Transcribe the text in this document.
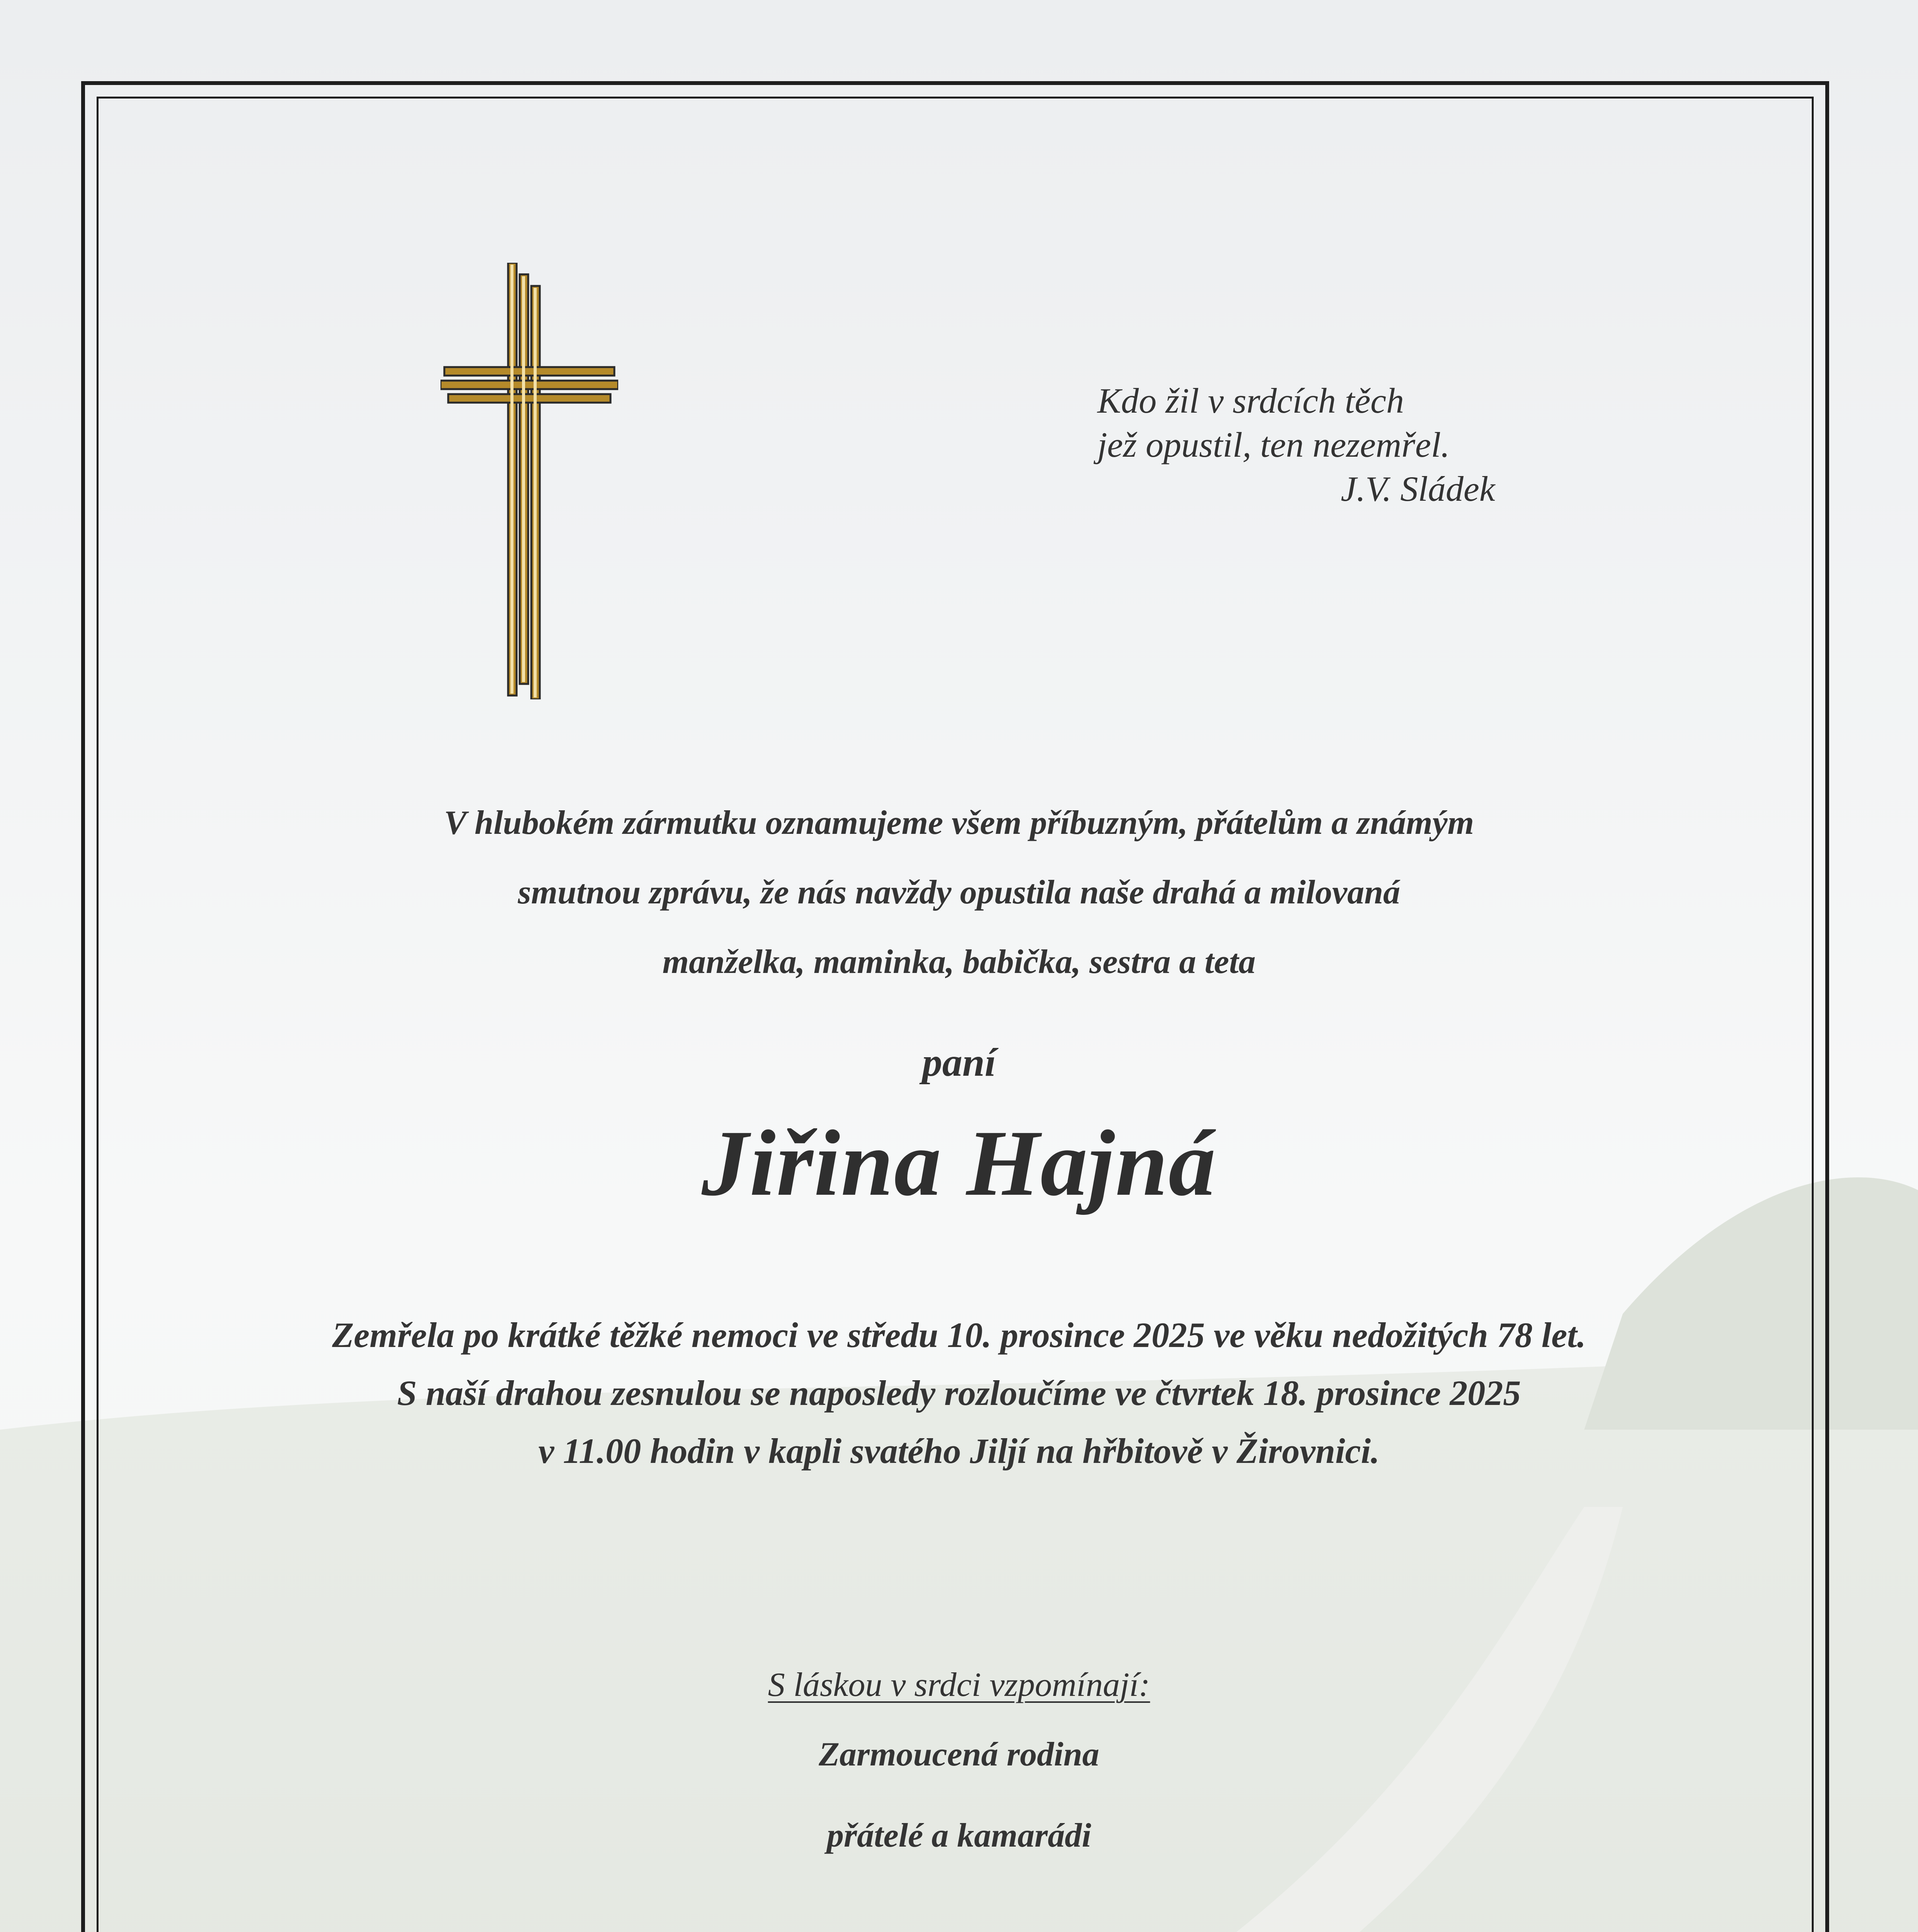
Kdo žil v srdcích těch
jež opustil, ten nezemřel.
J.V. Sládek
V hlubokém zármutku oznamujeme všem příbuzným, přátelům a známým
smutnou zprávu, že nás navždy opustila naše drahá a milovaná
manželka, maminka, babička, sestra a teta
paní
Jiřina Hajná
Zemřela po krátké těžké nemoci ve středu 10. prosince 2025 ve věku nedožitých 78 let.
S naší drahou zesnulou se naposledy rozloučíme ve čtvrtek 18. prosince 2025
v 11.00 hodin v kapli svatého Jiljí na hřbitově v Žirovnici.
S láskou v srdci vzpomínají:
Zarmoucená rodina
přátelé a kamarádi
